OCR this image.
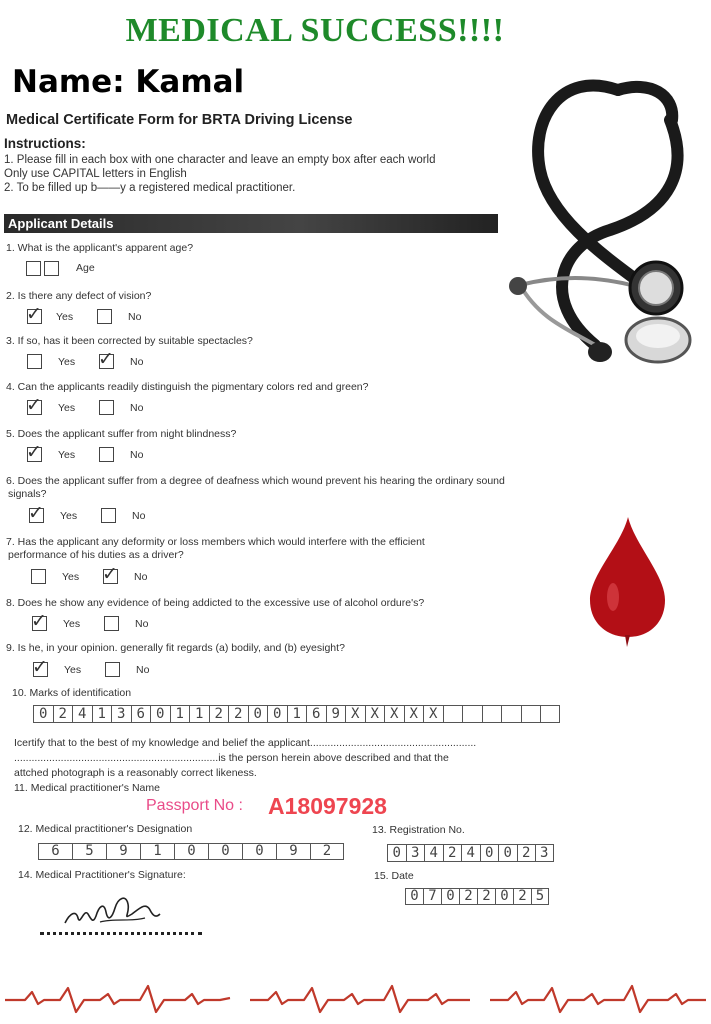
MEDICAL SUCCESS!!!!
Name: Kamal
Medical Certificate Form for BRTA Driving License
Instructions:
1. Please fill in each box with one character and leave an empty box after each world
Only use CAPITAL letters in English
2. To be filled up b——y a registered medical practitioner.
Applicant Details
1. What is the applicant's apparent age?
Age
2. Is there any defect of vision?
✓ Yes	No
3. If so, has it been corrected by suitable spectacles?
Yes ✓ No
4. Can the applicants readily distinguish the pigmentary colors red and green?
✓ Yes	No
5. Does the applicant suffer from night blindness?
✓ Yes	No
6. Does the applicant suffer from a degree of deafness which wound prevent his hearing the ordinary sound
signals?
✓ Yes	No
7. Has the applicant any deformity or loss members which would interfere with the efficient
performance of his duties as a driver?
Yes ✓ No
8. Does he show any evidence of being addicted to the excessive use of alcohol ordure's?
✓ Yes	No
9. Is he, in your opinion. generally fit regards (a) bodily, and (b) eyesight?
✓ Yes	No
10. Marks of identification
0 2 4 1 3 6 0 1 1 2 2 0 0 1 6 9 X X X X X
Icertify that to the best of my knowledge and belief the applicant.........................................................
......................................................................is the person herein above described and that the
attched photograph is a reasonably correct likeness.
11. Medical practitioner's Name
Passport No : A18097928
12. Medical practitioner's Designation
6	5	9	1	0	0	0	9	2
13. Registration No.
0 3 4 2 4 0 0 2 3
14. Medical Practitioner's Signature:	15. Date
0 7 0 2 2 0 2 5
